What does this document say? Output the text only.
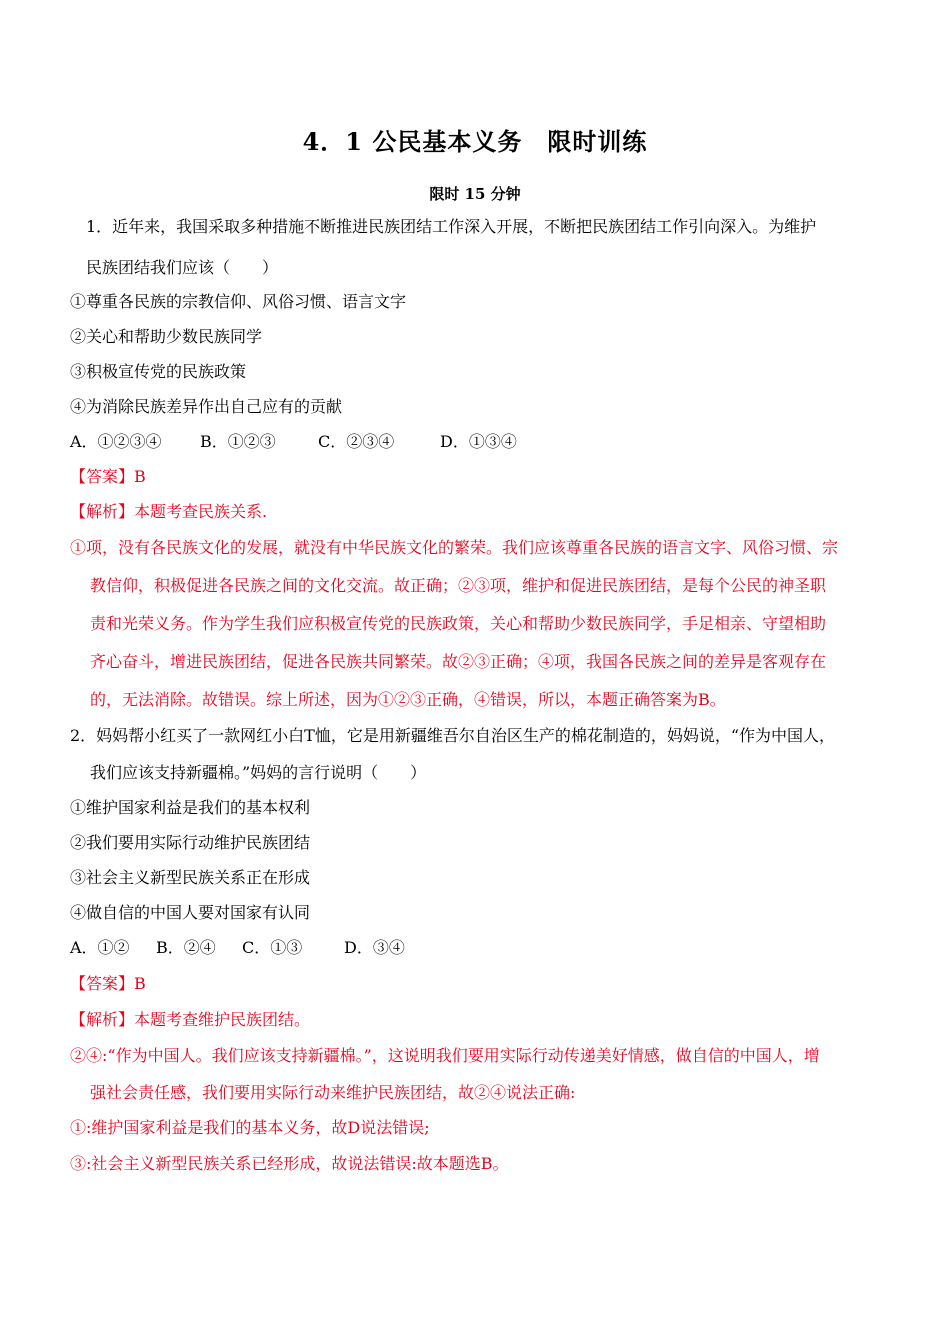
4．1 公民基本义务　限时训练
限时 15 分钟
1．近年来，我国采取多种措施不断推进民族团结工作深入开展，不断把民族团结工作引向深入。为维护
民族团结我们应该（　　）
①尊重各民族的宗教信仰、风俗习惯、语言文字
②关心和帮助少数民族同学
③积极宣传党的民族政策
④为消除民族差异作出自己应有的贡献
A．①②③④ B．①②③	C．②③④	D．①③④
【答案】B
【解析】本题考查民族关系.
①项，没有各民族文化的发展，就没有中华民族文化的繁荣。我们应该尊重各民族的语言文字、风俗习惯、宗
教信仰，积极促进各民族之间的文化交流。故正确；②③项，维护和促进民族团结，是每个公民的神圣职
责和光荣义务。作为学生我们应积极宣传党的民族政策，关心和帮助少数民族同学，手足相亲、守望相助
齐心奋斗，增进民族团结，促进各民族共同繁荣。故②③正确；④项，我国各民族之间的差异是客观存在
的，无法消除。故错误。综上所述，因为①②③正确，④错误，所以，本题正确答案为B。
2．妈妈帮小红买了一款网红小白T恤，它是用新疆维吾尔自治区生产的棉花制造的，妈妈说，“作为中国人，
我们应该支持新疆棉。”妈妈的言行说明（　　）
①维护国家利益是我们的基本权利
②我们要用实际行动维护民族团结
③社会主义新型民族关系正在形成
④做自信的中国人要对国家有认同
A．①② B．②④ C．①③	D．③④
【答案】B
【解析】本题考查维护民族团结。
②④:“作为中国人。我们应该支持新疆棉。”，这说明我们要用实际行动传递美好情感，做自信的中国人，增
强社会责任感，我们要用实际行动来维护民族团结，故②④说法正确:
①:维护国家利益是我们的基本义务，故D说法错误;
③:社会主义新型民族关系已经形成，故说法错误:故本题选B。
